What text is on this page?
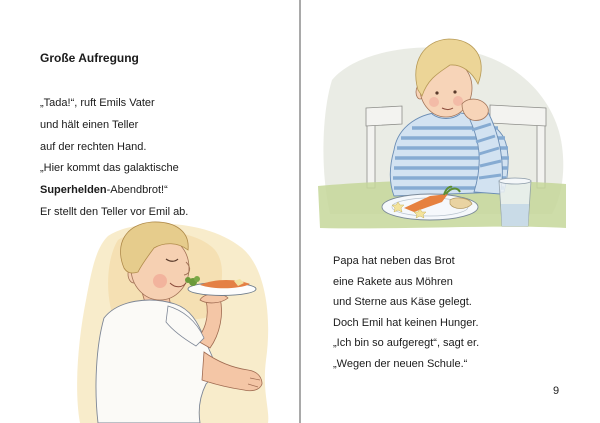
Große Aufregung
„Tada!“, ruft Emils Vater
und hält einen Teller
auf der rechten Hand.
„Hier kommt das galaktische
Superhelden-Abendbrot!“
Er stellt den Teller vor Emil ab.
Papa hat neben das Brot
eine Rakete aus Möhren
und Sterne aus Käse gelegt.
Doch Emil hat keinen Hunger.
„Ich bin so aufgeregt“, sagt er.
„Wegen der neuen Schule.“
9
